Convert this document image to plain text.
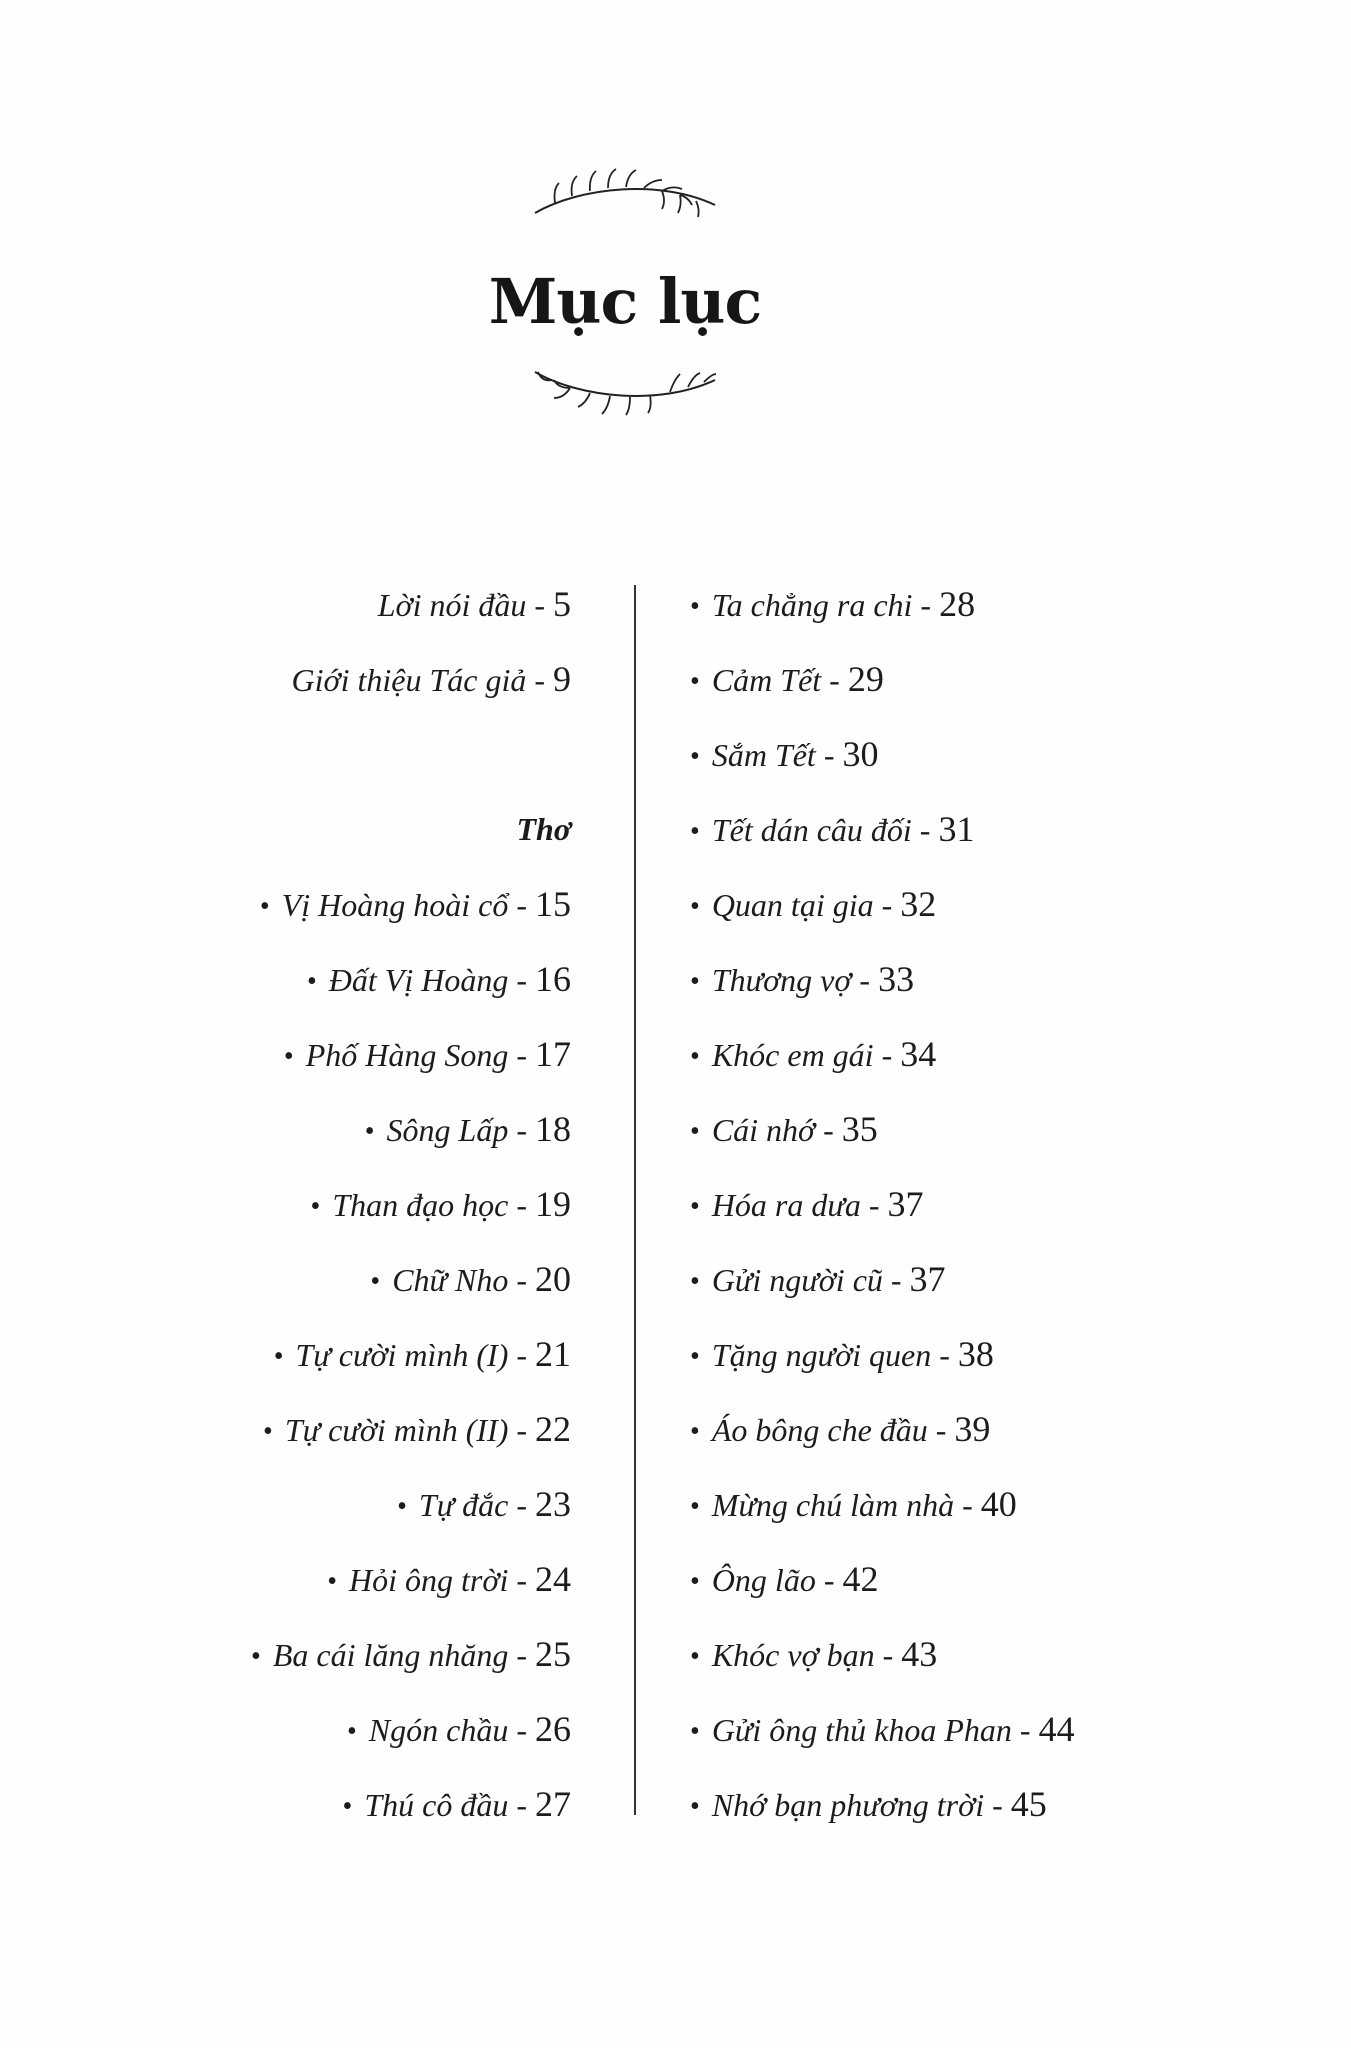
Mục lục
Lời nói đầu - 5
Giới thiệu Tác giả - 9
Thơ
• Vị Hoàng hoài cổ - 15
• Đất Vị Hoàng - 16
• Phố Hàng Song - 17
• Sông Lấp - 18
• Than đạo học - 19
• Chữ Nho - 20
• Tự cười mình (I) - 21
• Tự cười mình (II) - 22
• Tự đắc - 23
• Hỏi ông trời - 24
• Ba cái lăng nhăng - 25
• Ngón chầu - 26
• Thú cô đầu - 27
• Ta chẳng ra chi - 28
• Cảm Tết - 29
• Sắm Tết - 30
• Tết dán câu đối - 31
• Quan tại gia - 32
• Thương vợ - 33
• Khóc em gái - 34
• Cái nhớ - 35
• Hóa ra dưa - 37
• Gửi người cũ - 37
• Tặng người quen - 38
• Áo bông che đầu - 39
• Mừng chú làm nhà - 40
• Ông lão - 42
• Khóc vợ bạn - 43
• Gửi ông thủ khoa Phan - 44
• Nhớ bạn phương trời - 45
